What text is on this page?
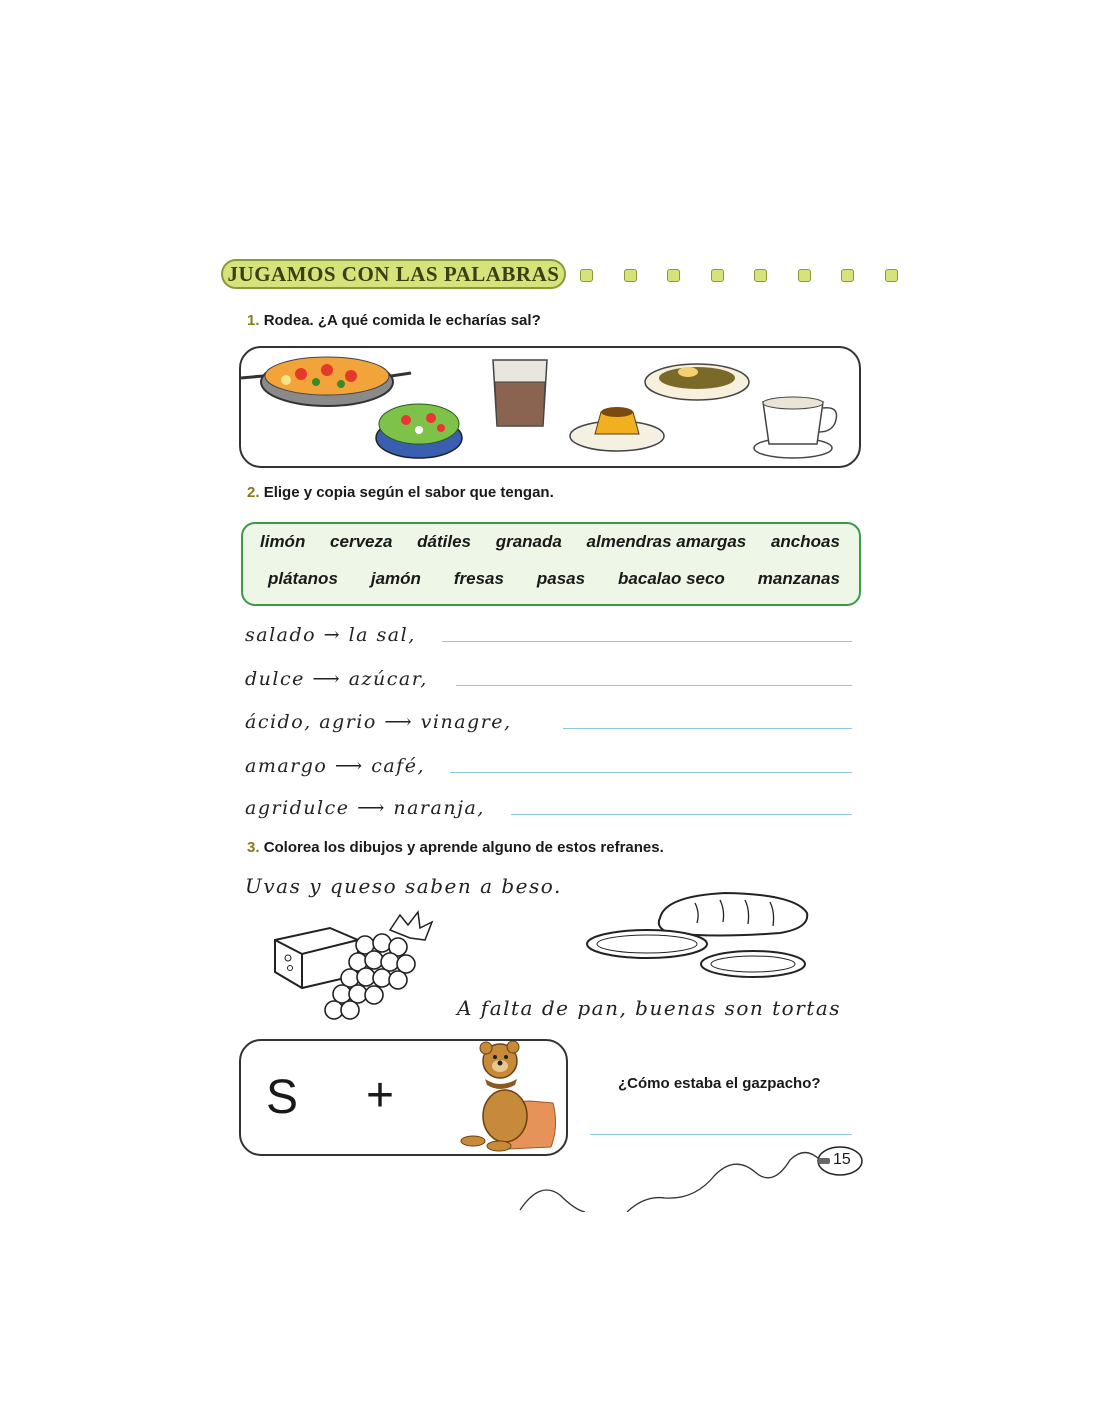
JUGAMOS CON LAS PALABRAS
1. Rodea. ¿A qué comida le echarías sal?
2. Elige y copia según el sabor que tengan.
limón cerveza dátiles granada almendras amargas anchoas
plátanos jamón fresas pasas bacalao seco manzanas
salado → la sal,
dulce ⟶ azúcar,
ácido, agrio ⟶ vinagre,
amargo ⟶ café,
agridulce ⟶ naranja,
3. Colorea los dibujos y aprende alguno de estos refranes.
Uvas y queso saben a beso.
A falta de pan, buenas son tortas
S +	¿Cómo estaba el gazpacho?
15
